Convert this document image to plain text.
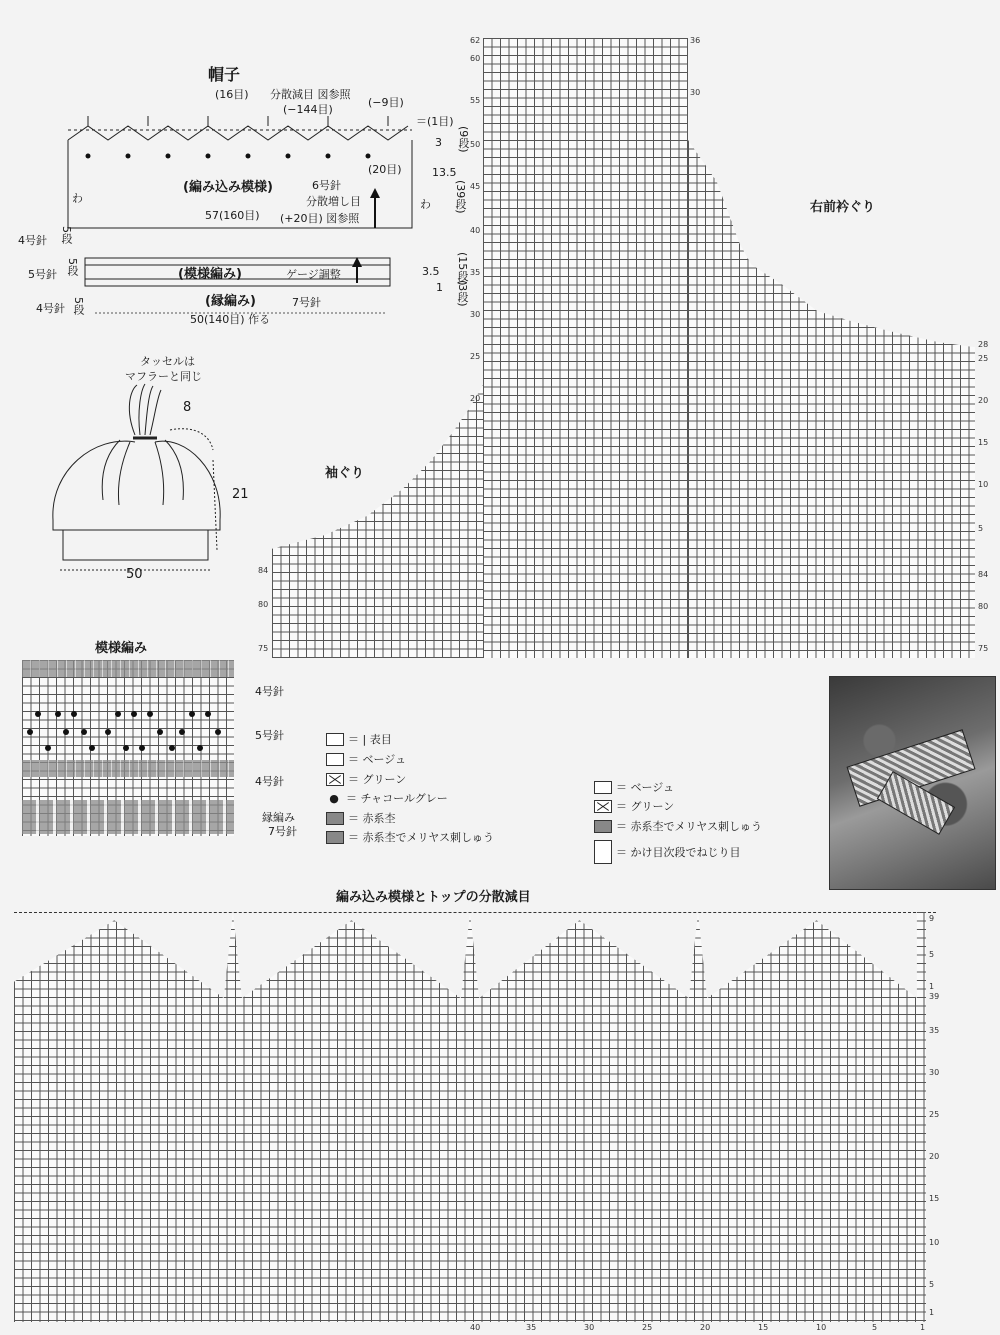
帽子
(16目) 分散減目 図参照
(−144目)
(−9目)
＝(1目)
3 (9段)
(20目)	13.5
(39段)
(編み込み模様)	6号針
分散増し目
57(160目) (+20目) 図参照
わ	わ
4号針 5段
5号針 5段	(模様編み)	ゲージ調整	3.5 (15段)
1 (3段)
4号針 5段	(縁編み)	7号針
50(140目) 作る
タッセルは
マフラーと同じ
8
21
50
右前衿ぐり
袖ぐり
62
60
55
50
45
40
35
30
25
20
84
80
75
36
30
28
25
20
15
10
5
84
80
75
模様編み
4号針
5号針
4号針
縁編み
7号針
＝ | 表目
＝ ベージュ
＝ グリーン
● ＝ チャコールグレー
＝ 赤系杢
＝ 赤系杢でメリヤス刺しゅう
＝ ベージュ
＝ グリーン
＝ 赤系杢でメリヤス刺しゅう
＝ かけ目次段でねじり目
編み込み模様とトップの分散減目
9
5
1
39
35
30
25
20
15
10
5
1
40	35	30	25	20	15	10	5	1
